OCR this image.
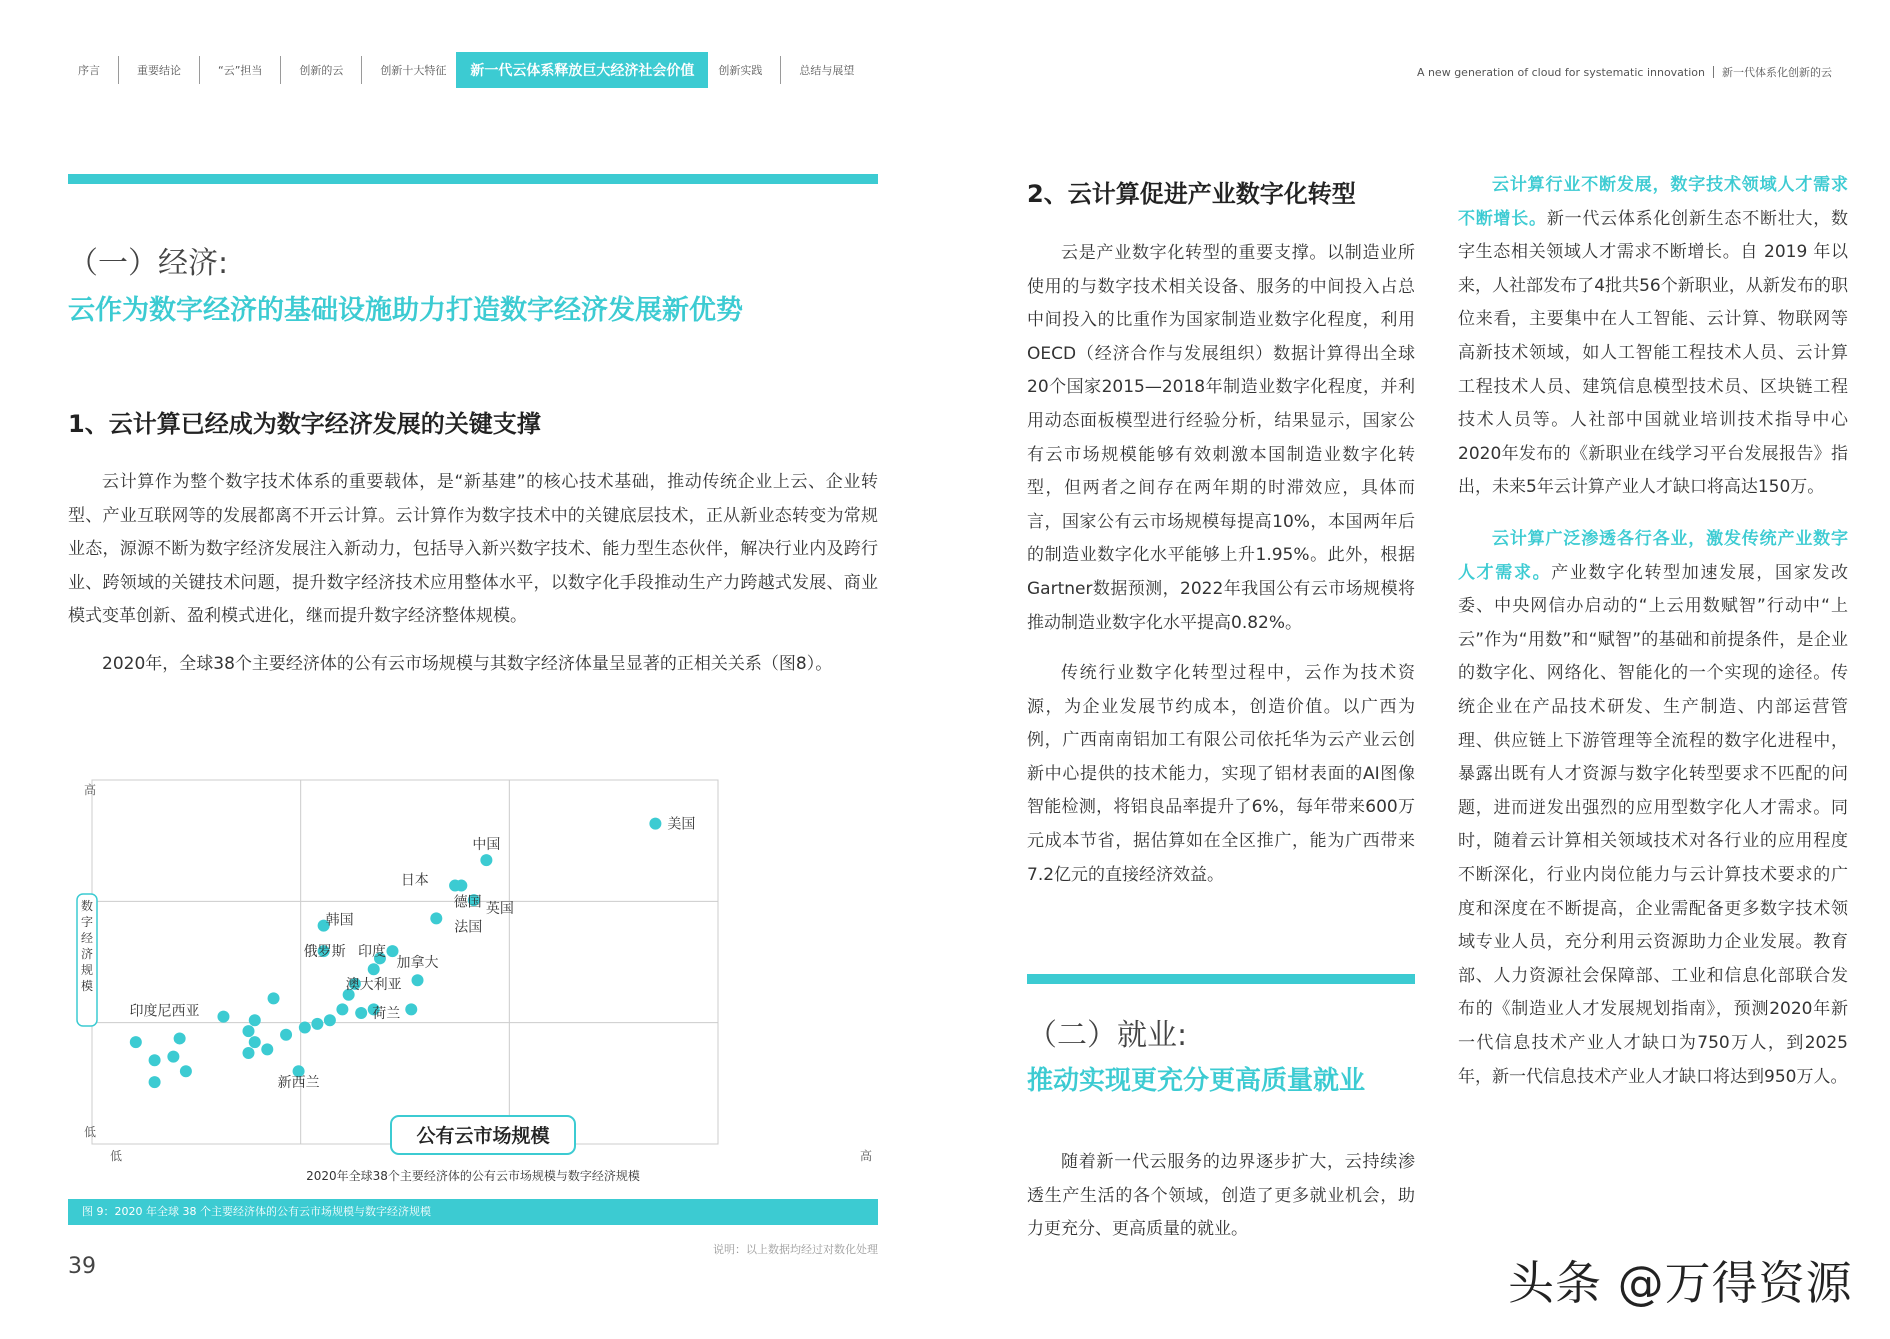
序言	重要结论	“云”担当	创新的云	创新十大特征	新一代云体系释放巨大经济社会价值	创新实践	总结与展望	A new generation of cloud for systematic innovation 新一代体系化创新的云
（一）经济:
云作为数字经济的基础设施助力打造数字经济发展新优势
1、云计算已经成为数字经济发展的关键支撑

云计算作为整个数字技术体系的重要载体，是“新基建”的核心技术基础，推动传统企业上云、企业转型、产业互联网等的发展都离不开云计算。云计算作为数字技术中的关键底层技术，正从新业态转变为常规业态，源源不断为数字经济发展注入新动力，包括导入新兴数字技术、能力型生态伙伴，解决行业内及跨行业、跨领域的关键技术问题，提升数字经济技术应用整体水平，以数字化手段推动生产力跨越式发展、商业模式变革创新、盈利模式进化，继而提升数字经济整体规模。

2020年，全球38个主要经济体的公有云市场规模与其数字经济体量呈显著的正相关关系（图8）。

美国
中国
日本
德国 英国
法国
加拿大
韩国
印度
俄罗斯
澳大利亚
荷兰
印度尼西亚
新西兰
高
低
低	高
数字经济规模
公有云市场规模
2020年全球38个主要经济体的公有云市场规模与数字经济规模
图 9：2020 年全球 38 个主要经济体的公有云市场规模与数字经济规模
说明：以上数据均经过对数化处理
39
2、云计算促进产业数字化转型

云是产业数字化转型的重要支撑。以制造业所使用的与数字技术相关设备、服务的中间投入占总中间投入的比重作为国家制造业数字化程度，利用OECD（经济合作与发展组织）数据计算得出全球20个国家2015—2018年制造业数字化程度，并利用动态面板模型进行经验分析，结果显示，国家公有云市场规模能够有效刺激本国制造业数字化转型，但两者之间存在两年期的时滞效应，具体而言，国家公有云市场规模每提高10%，本国两年后的制造业数字化水平能够上升1.95%。此外，根据Gartner数据预测，2022年我国公有云市场规模将推动制造业数字化水平提高0.82%。

传统行业数字化转型过程中，云作为技术资源，为企业发展节约成本，创造价值。以广西为例，广西南南铝加工有限公司依托华为云产业云创新中心提供的技术能力，实现了铝材表面的AI图像智能检测，将铝良品率提升了6%，每年带来600万元成本节省，据估算如在全区推广，能为广西带来7.2亿元的直接经济效益。

（二）就业:
推动实现更充分更高质量就业

随着新一代云服务的边界逐步扩大，云持续渗透生产生活的各个领域，创造了更多就业机会，助力更充分、更高质量的就业。

云计算行业不断发展，数字技术领域人才需求不断增长。新一代云体系化创新生态不断壮大，数字生态相关领域人才需求不断增长。自 2019 年以来，人社部发布了4批共56个新职业，从新发布的职位来看，主要集中在人工智能、云计算、物联网等高新技术领域，如人工智能工程技术人员、云计算工程技术人员、建筑信息模型技术员、区块链工程技术人员等。人社部中国就业培训技术指导中心2020年发布的《新职业在线学习平台发展报告》指出，未来5年云计算产业人才缺口将高达150万。

云计算广泛渗透各行各业，激发传统产业数字人才需求。产业数字化转型加速发展，国家发改委、中央网信办启动的“上云用数赋智”行动中“上云”作为“用数”和“赋智”的基础和前提条件，是企业的数字化、网络化、智能化的一个实现的途径。传统企业在产品技术研发、生产制造、内部运营管理、供应链上下游管理等全流程的数字化进程中，暴露出既有人才资源与数字化转型要求不匹配的问题，进而迸发出强烈的应用型数字化人才需求。同时，随着云计算相关领域技术对各行业的应用程度不断深化，行业内岗位能力与云计算技术要求的广度和深度在不断提高，企业需配备更多数字技术领域专业人员，充分利用云资源助力企业发展。教育部、人力资源社会保障部、工业和信息化部联合发布的《制造业人才发展规划指南》，预测2020年新一代信息技术产业人才缺口为750万人，到2025年，新一代信息技术产业人才缺口将达到950万人。

头条 @万得资源
